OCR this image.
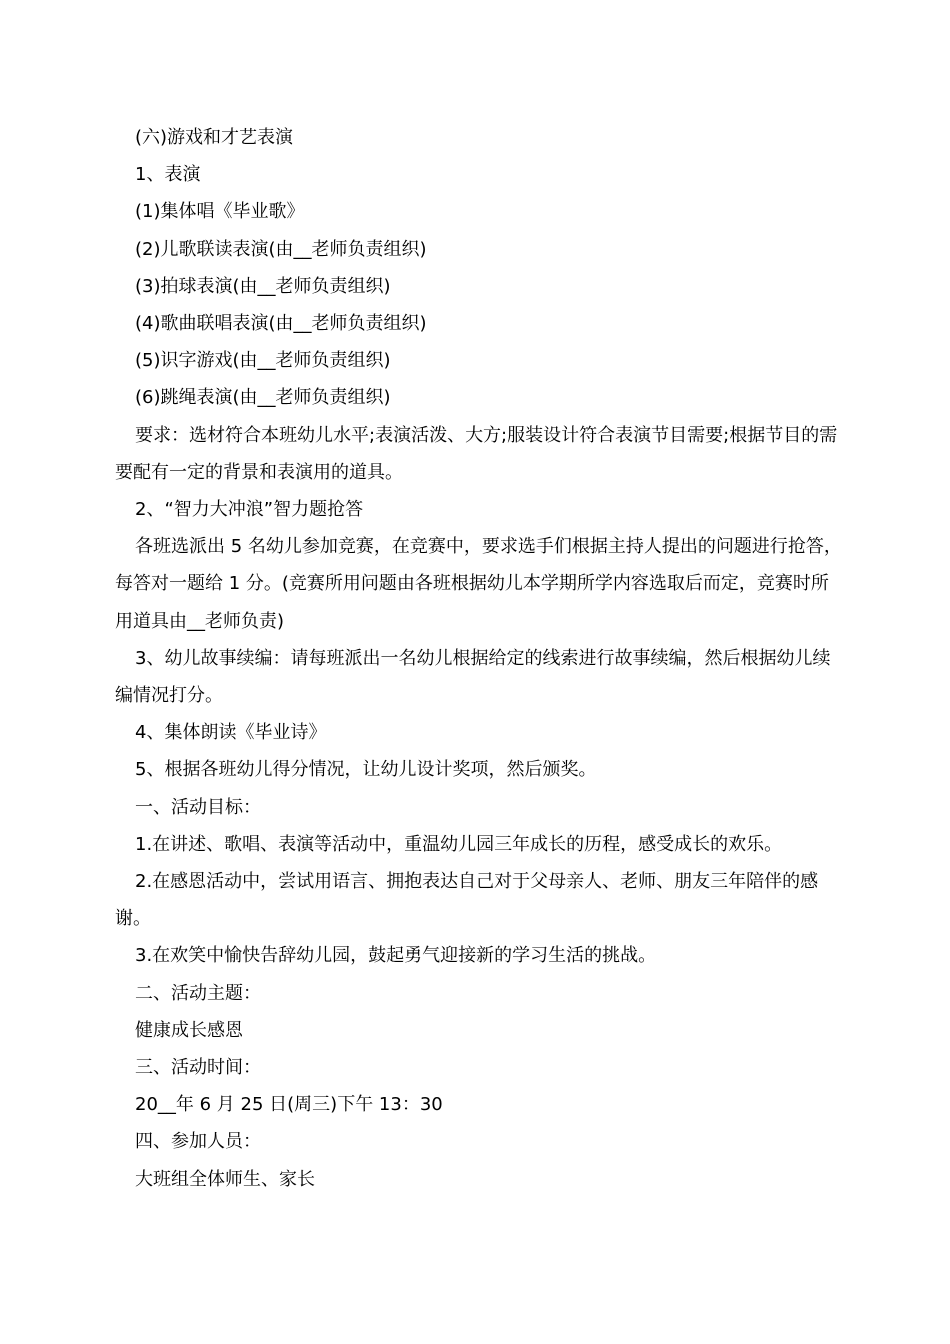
(六)游戏和才艺表演

1、表演

(1)集体唱《毕业歌》

(2)儿歌联读表演(由__老师负责组织)

(3)拍球表演(由__老师负责组织)

(4)歌曲联唱表演(由__老师负责组织)

(5)识字游戏(由__老师负责组织)

(6)跳绳表演(由__老师负责组织)

要求：选材符合本班幼儿水平;表演活泼、大方;服装设计符合表演节目需要;根据节目的需要配有一定的背景和表演用的道具。

2、“智力大冲浪”智力题抢答

各班选派出 5 名幼儿参加竞赛，在竞赛中，要求选手们根据主持人提出的问题进行抢答，每答对一题给 1 分。(竞赛所用问题由各班根据幼儿本学期所学内容选取后而定，竞赛时所用道具由__老师负责)

3、幼儿故事续编：请每班派出一名幼儿根据给定的线索进行故事续编，然后根据幼儿续编情况打分。

4、集体朗读《毕业诗》

5、根据各班幼儿得分情况，让幼儿设计奖项，然后颁奖。

一、活动目标：

1.在讲述、歌唱、表演等活动中，重温幼儿园三年成长的历程，感受成长的欢乐。

2.在感恩活动中，尝试用语言、拥抱表达自己对于父母亲人、老师、朋友三年陪伴的感谢。

3.在欢笑中愉快告辞幼儿园，鼓起勇气迎接新的学习生活的挑战。

二、活动主题：

健康成长感恩

三、活动时间：

20__年 6 月 25 日(周三)下午 13：30

四、参加人员：

大班组全体师生、家长
